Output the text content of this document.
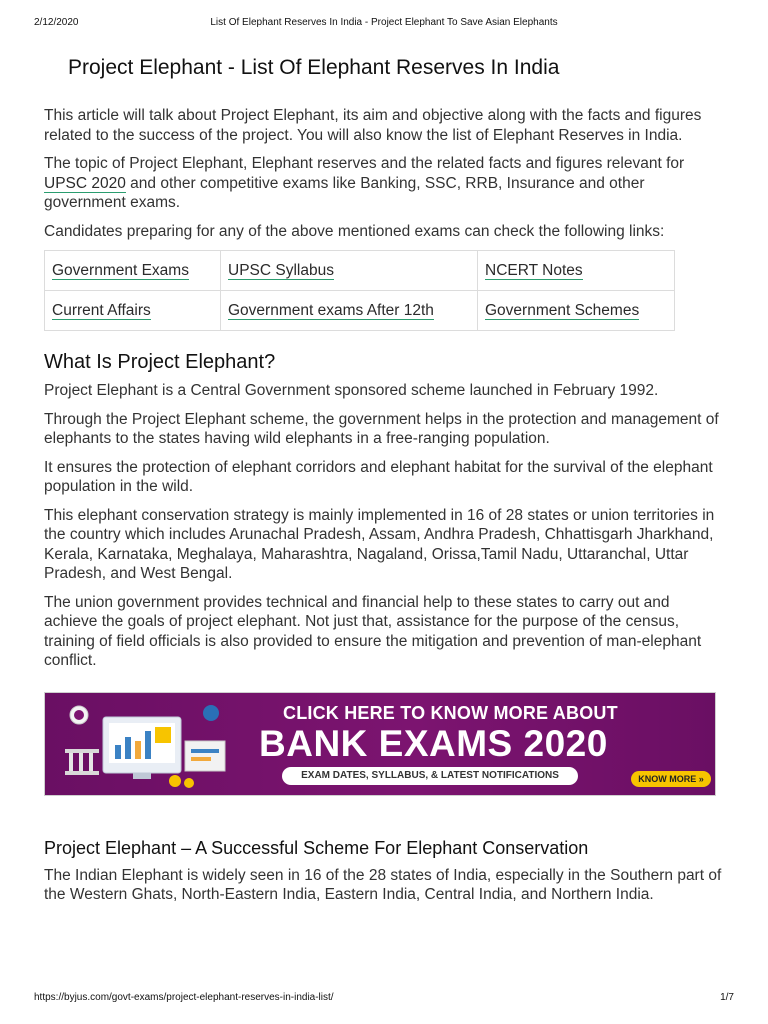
2/12/2020	List Of Elephant Reserves In India - Project Elephant To Save Asian Elephants
Project Elephant - List Of Elephant Reserves In India

This article will talk about Project Elephant, its aim and objective along with the facts and figures related to the success of the project. You will also know the list of Elephant Reserves in India.

The topic of Project Elephant, Elephant reserves and the related facts and figures relevant for UPSC 2020 and other competitive exams like Banking, SSC, RRB, Insurance and other government exams.

Candidates preparing for any of the above mentioned exams can check the following links:

Government Exams	UPSC Syllabus	NCERT Notes
Current Affairs	Government exams After 12th	Government Schemes
What Is Project Elephant?

Project Elephant is a Central Government sponsored scheme launched in February 1992.

Through the Project Elephant scheme, the government helps in the protection and management of elephants to the states having wild elephants in a free-ranging population.

It ensures the protection of elephant corridors and elephant habitat for the survival of the elephant population in the wild.

This elephant conservation strategy is mainly implemented in 16 of 28 states or union territories in the country which includes Arunachal Pradesh, Assam, Andhra Pradesh, Chhattisgarh Jharkhand, Kerala, Karnataka, Meghalaya, Maharashtra, Nagaland, Orissa,Tamil Nadu, Uttaranchal, Uttar Pradesh, and West Bengal.

The union government provides technical and financial help to these states to carry out and achieve the goals of project elephant. Not just that, assistance for the purpose of the census, training of field officials is also provided to ensure the mitigation and prevention of man-elephant conflict.

CLICK HERE TO KNOW MORE ABOUT
BANK EXAMS 2020
EXAM DATES, SYLLABUS, & LATEST NOTIFICATIONS	KNOW MORE »
Project Elephant – A Successful Scheme For Elephant Conservation

The Indian Elephant is widely seen in 16 of the 28 states of India, especially in the Southern part of the Western Ghats, North-Eastern India, Eastern India, Central India, and Northern India.

https://byjus.com/govt-exams/project-elephant-reserves-in-india-list/	1/7
